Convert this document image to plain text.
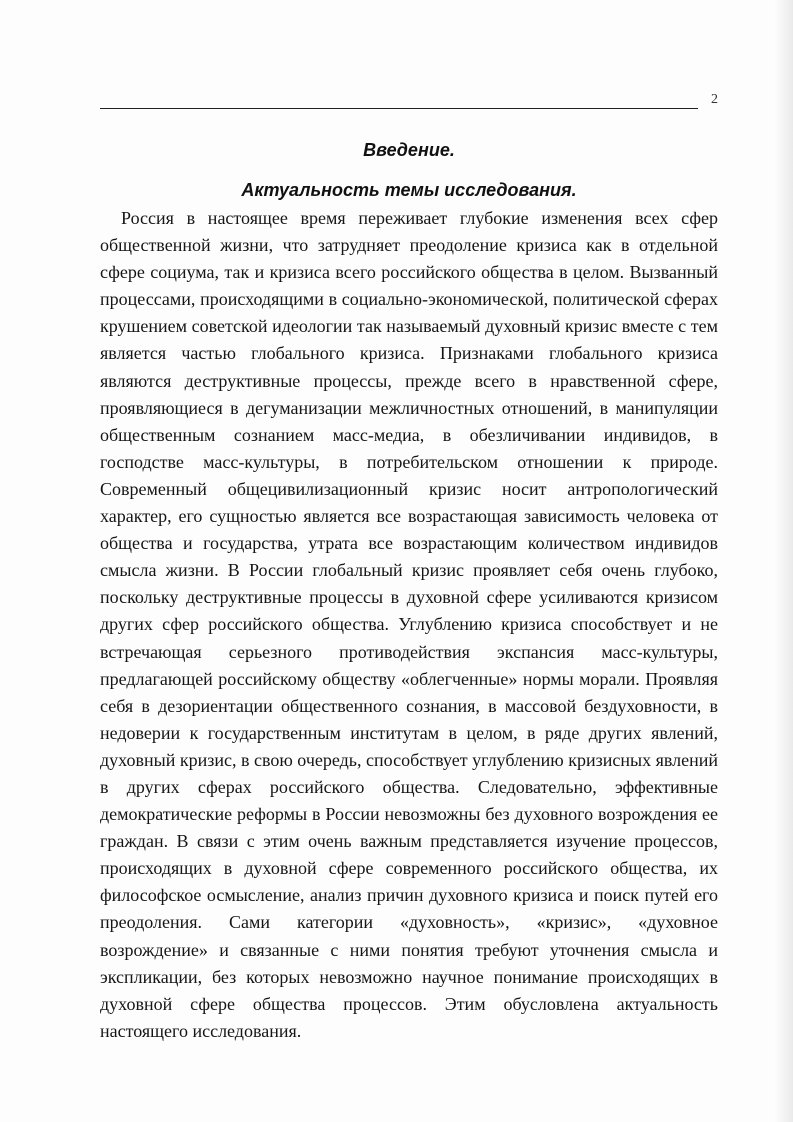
2
Введение.
Актуальность темы исследования.

Россия в настоящее время переживает глубокие изменения всех сфер общественной жизни, что затрудняет преодоление кризиса как в отдельной сфере социума, так и кризиса всего российского общества в целом. Вызванный процессами, происходящими в социально-экономической, политической сферах крушением советской идеологии так называемый духовный кризис вместе с тем является частью глобального кризиса. Признаками глобального кризиса являются деструктивные процессы, прежде всего в нравственной сфере, проявляющиеся в дегуманизации межличностных отношений, в манипуляции общественным сознанием масс-медиа, в обезличивании индивидов, в господстве масс-культуры, в потребительском отношении к природе. Современный общецивилизационный кризис носит антропологический характер, его сущностью является все возрастающая зависимость человека от общества и государства, утрата все возрастающим количеством индивидов смысла жизни. В России глобальный кризис проявляет себя очень глубоко, поскольку деструктивные процессы в духовной сфере усиливаются кризисом других сфер российского общества. Углублению кризиса способствует и не встречающая серьезного противодействия экспансия масс-культуры, предлагающей российскому обществу «облегченные» нормы морали. Проявляя себя в дезориентации общественного сознания, в массовой бездуховности, в недоверии к государственным институтам в целом, в ряде других явлений, духовный кризис, в свою очередь, способствует углублению кризисных явлений в других сферах российского общества. Следовательно, эффективные демократические реформы в России невозможны без духовного возрождения ее граждан. В связи с этим очень важным представляется изучение процессов, происходящих в духовной сфере современного российского общества, их философское осмысление, анализ причин духовного кризиса и поиск путей его преодоления. Сами категории «духовность», «кризис», «духовное возрождение» и связанные с ними понятия требуют уточнения смысла и экспликации, без которых невозможно научное понимание происходящих в духовной сфере общества процессов. Этим обусловлена актуальность настоящего исследования.
